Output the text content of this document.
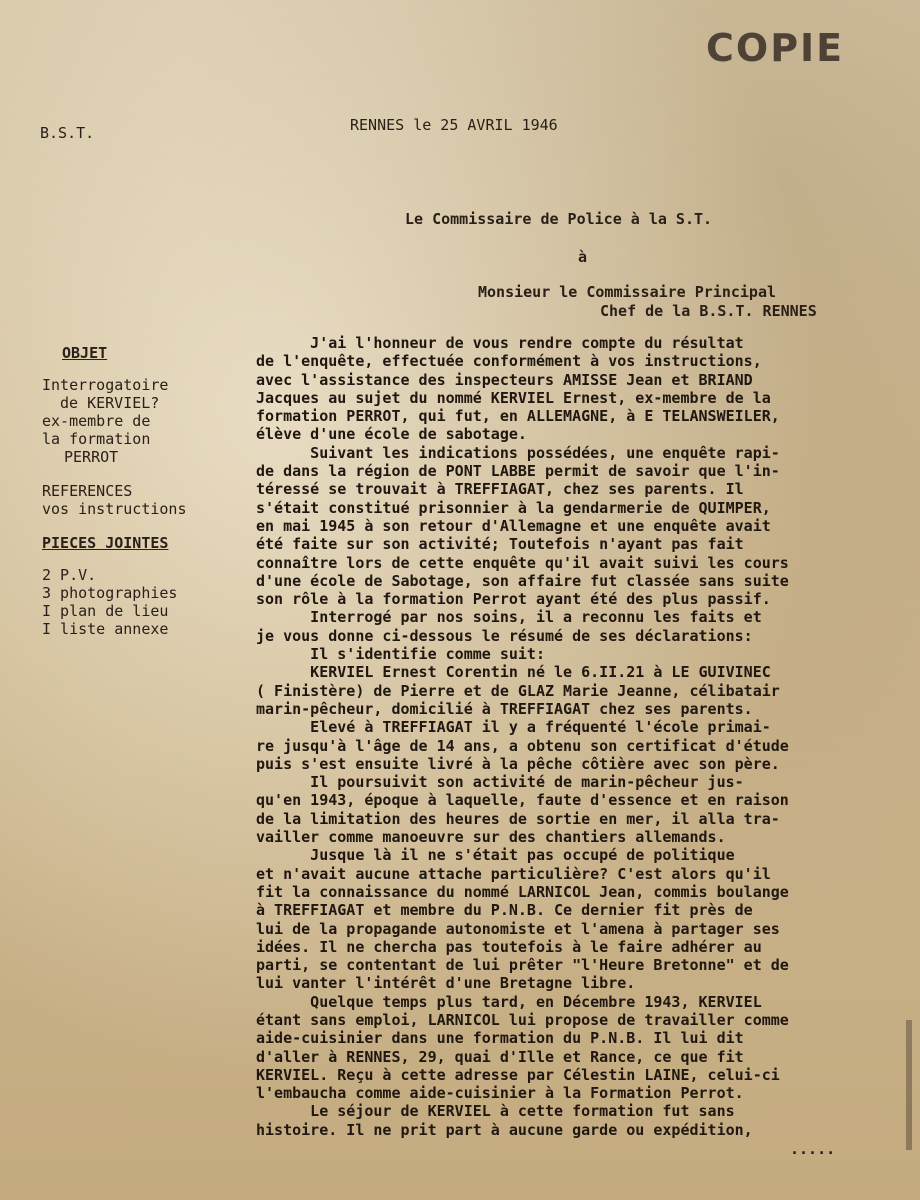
COPIE
B.S.T.	RENNES le 25 AVRIL 1946
Le Commissaire de Police à la S.T.
à
Monsieur le Commissaire Principal
Chef de la B.S.T. RENNES
OBJET
Interrogatoire
de KERVIEL?
ex-membre de
la formation
PERROT
REFERENCES
vos instructions
PIECES JOINTES
2 P.V.
3 photographies
I plan de lieu
I liste annexe
J'ai l'honneur de vous rendre compte du résultat
de l'enquête, effectuée conformément à vos instructions,
avec l'assistance des inspecteurs AMISSE Jean et BRIAND
Jacques au sujet du nommé KERVIEL Ernest, ex-membre de la
formation PERROT, qui fut, en ALLEMAGNE, à E TELANSWEILER,
élève d'une école de sabotage.
Suivant les indications possédées, une enquête rapi-
de dans la région de PONT LABBE permit de savoir que l'in-
téressé se trouvait à TREFFIAGAT, chez ses parents. Il
s'était constitué prisonnier à la gendarmerie de QUIMPER,
en mai 1945 à son retour d'Allemagne et une enquête avait
été faite sur son activité; Toutefois n'ayant pas fait
connaître lors de cette enquête qu'il avait suivi les cours
d'une école de Sabotage, son affaire fut classée sans suite
son rôle à la formation Perrot ayant été des plus passif.
Interrogé par nos soins, il a reconnu les faits et
je vous donne ci-dessous le résumé de ses déclarations:
Il s'identifie comme suit:
KERVIEL Ernest Corentin né le 6.II.21 à LE GUIVINEC
( Finistère) de Pierre et de GLAZ Marie Jeanne, célibatair
marin-pêcheur, domicilié à TREFFIAGAT chez ses parents.
Elevé à TREFFIAGAT il y a fréquenté l'école primai-
re jusqu'à l'âge de 14 ans, a obtenu son certificat d'étude
puis s'est ensuite livré à la pêche côtière avec son père.
Il poursuivit son activité de marin-pêcheur jus-
qu'en 1943, époque à laquelle, faute d'essence et en raison
de la limitation des heures de sortie en mer, il alla tra-
vailler comme manoeuvre sur des chantiers allemands.
Jusque là il ne s'était pas occupé de politique
et n'avait aucune attache particulière? C'est alors qu'il
fit la connaissance du nommé LARNICOL Jean, commis boulange
à TREFFIAGAT et membre du P.N.B. Ce dernier fit près de
lui de la propagande autonomiste et l'amena à partager ses
idées. Il ne chercha pas toutefois à le faire adhérer au
parti, se contentant de lui prêter "l'Heure Bretonne" et de
lui vanter l'intérêt d'une Bretagne libre.
Quelque temps plus tard, en Décembre 1943, KERVIEL
étant sans emploi, LARNICOL lui propose de travailler comme
aide-cuisinier dans une formation du P.N.B. Il lui dit
d'aller à RENNES, 29, quai d'Ille et Rance, ce que fit
KERVIEL. Reçu à cette adresse par Célestin LAINE, celui-ci
l'embaucha comme aide-cuisinier à la Formation Perrot.
Le séjour de KERVIEL à cette formation fut sans
histoire. Il ne prit part à aucune garde ou expédition,
.....
